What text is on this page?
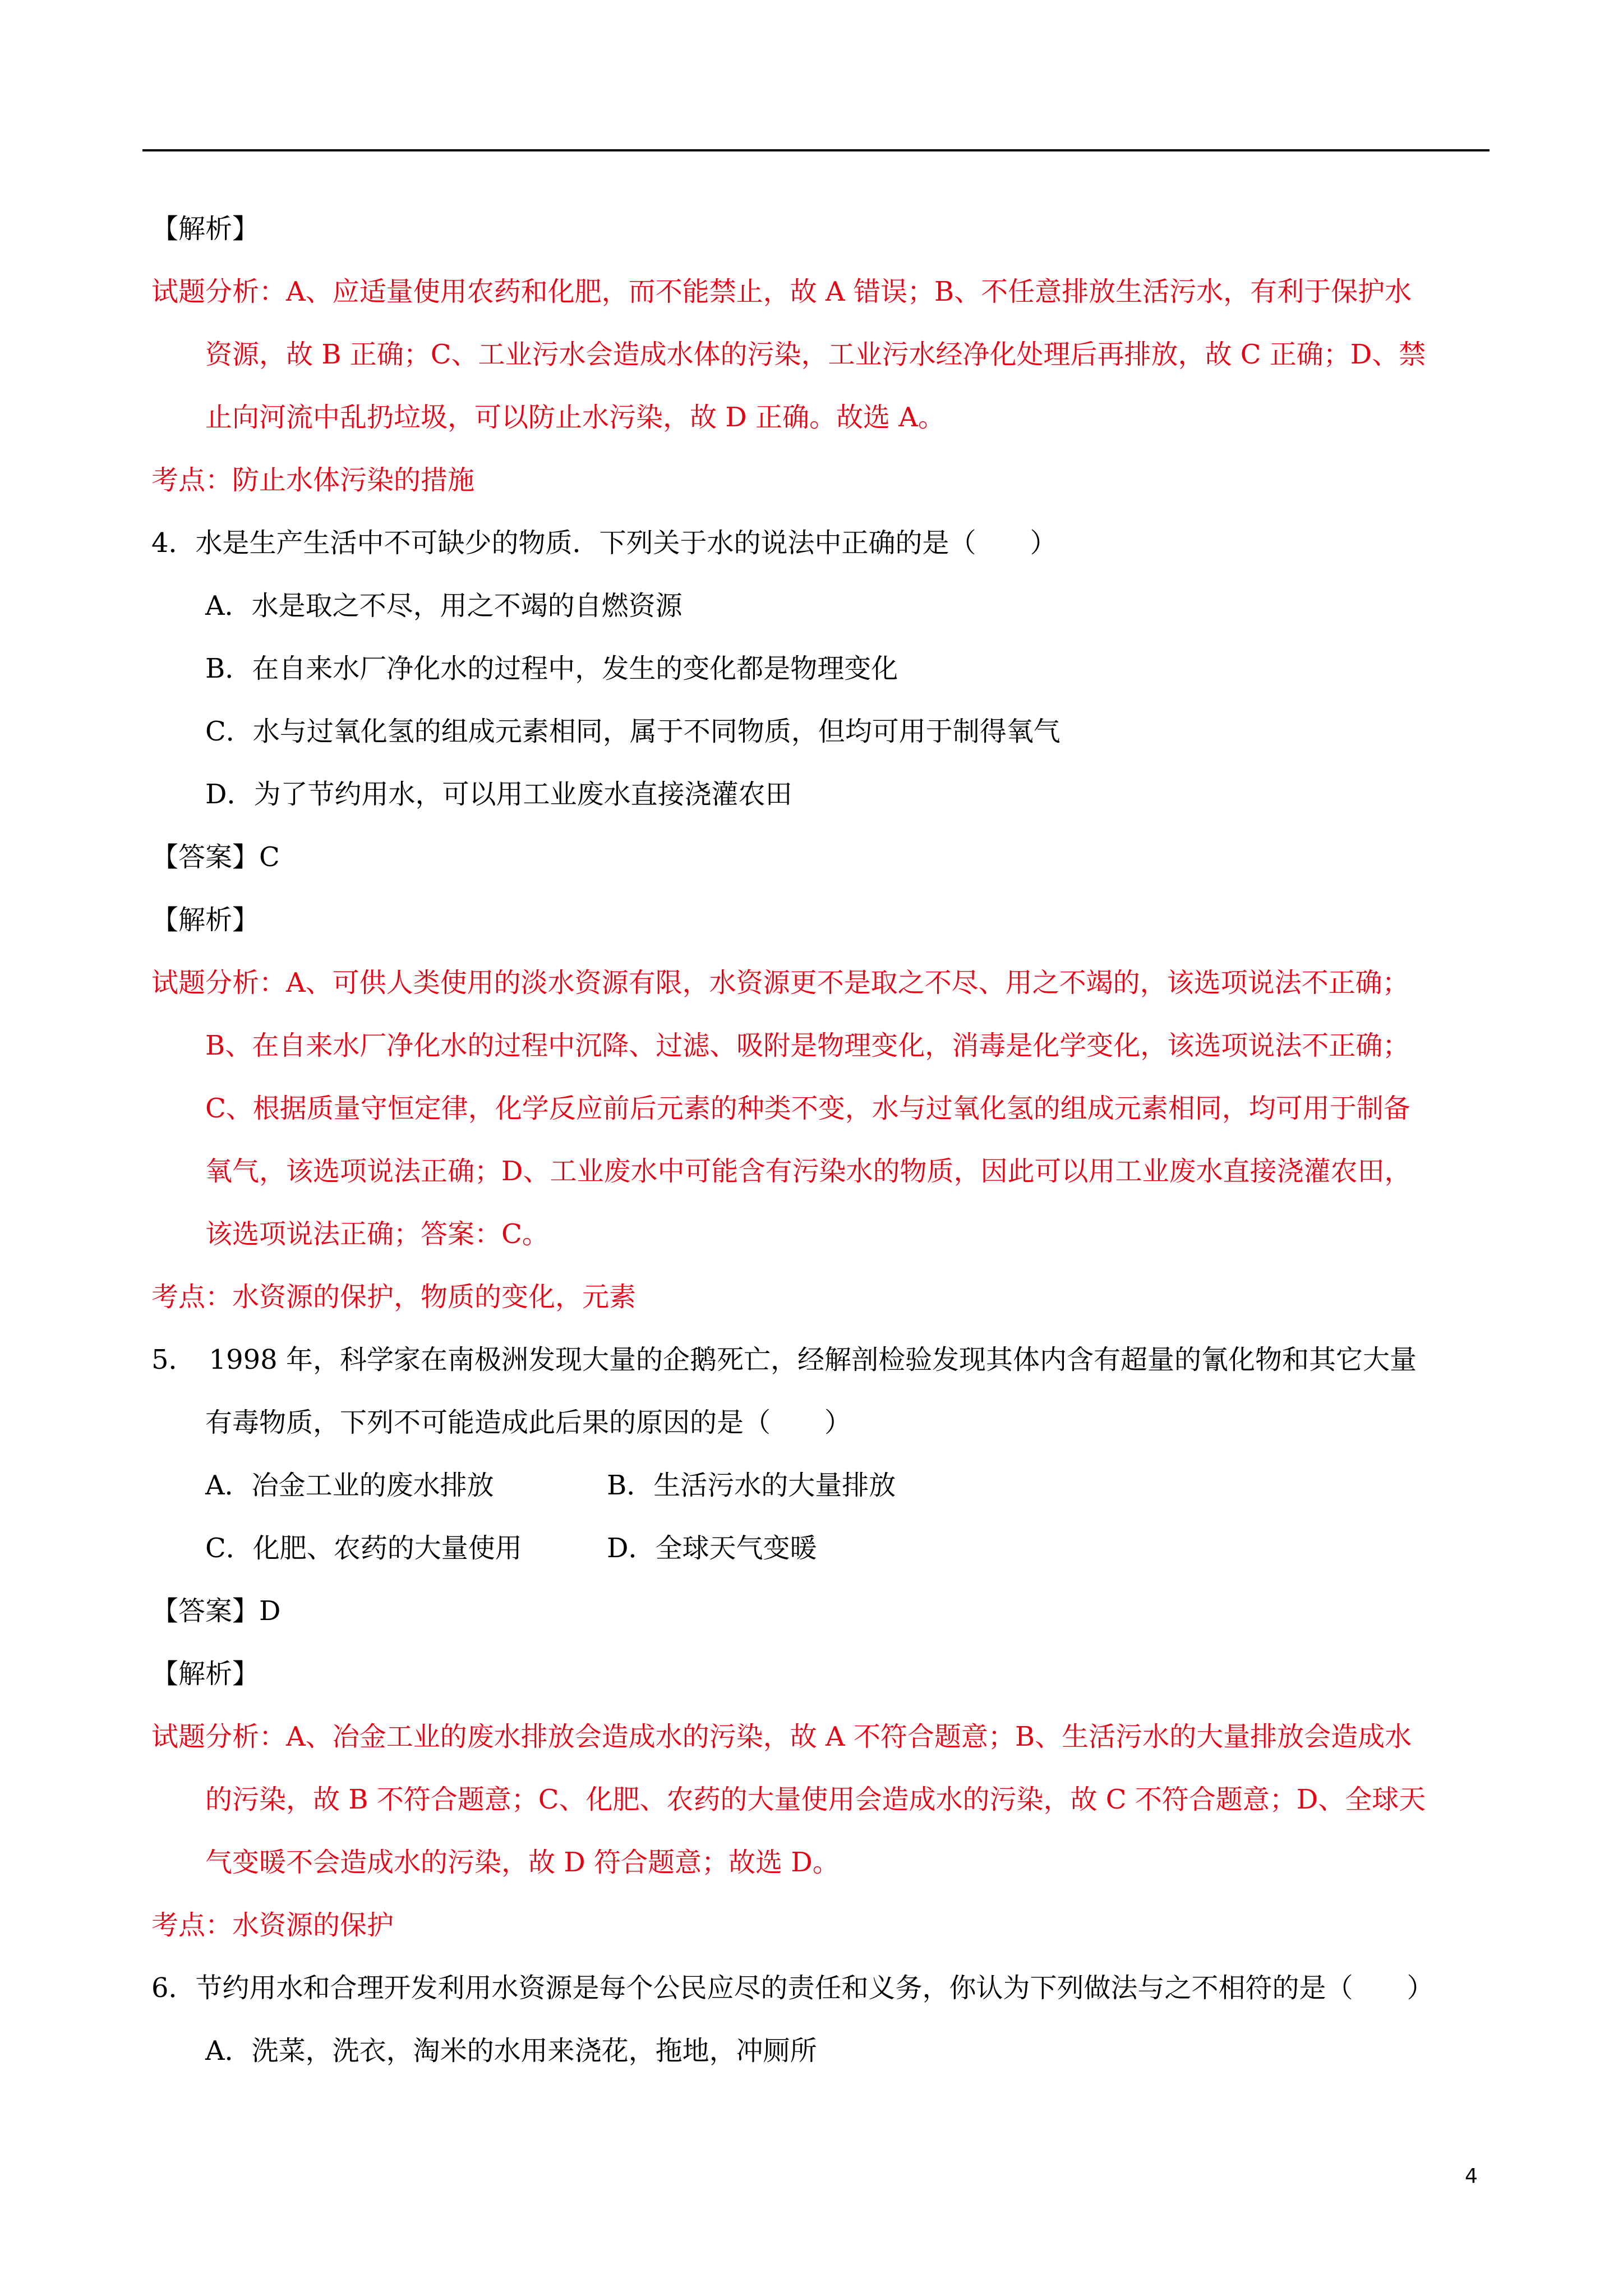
【解析】
试题分析：A、应适量使用农药和化肥，而不能禁止，故 A 错误；B、不任意排放生活污水，有利于保护水
资源，故 B 正确；C、工业污水会造成水体的污染，工业污水经净化处理后再排放，故 C 正确；D、禁
止向河流中乱扔垃圾，可以防止水污染，故 D 正确。故选 A。
考点：防止水体污染的措施
4．水是生产生活中不可缺少的物质．下列关于水的说法中正确的是（　　）
A．水是取之不尽，用之不竭的自燃资源
B．在自来水厂净化水的过程中，发生的变化都是物理变化
C．水与过氧化氢的组成元素相同，属于不同物质，但均可用于制得氧气
D．为了节约用水，可以用工业废水直接浇灌农田
【答案】C
【解析】
试题分析：A、可供人类使用的淡水资源有限，水资源更不是取之不尽、用之不竭的，该选项说法不正确；
B、在自来水厂净化水的过程中沉降、过滤、吸附是物理变化，消毒是化学变化，该选项说法不正确；
C、根据质量守恒定律，化学反应前后元素的种类不变，水与过氧化氢的组成元素相同，均可用于制备
氧气，该选项说法正确；D、工业废水中可能含有污染水的物质，因此可以用工业废水直接浇灌农田，
该选项说法正确；答案：C。
考点：水资源的保护，物质的变化，元素
5．　1998 年，科学家在南极洲发现大量的企鹅死亡，经解剖检验发现其体内含有超量的氰化物和其它大量
有毒物质，下列不可能造成此后果的原因的是（　　）
A．冶金工业的废水排放	B．生活污水的大量排放
C．化肥、农药的大量使用	D．全球天气变暖
【答案】D
【解析】
试题分析：A、冶金工业的废水排放会造成水的污染，故 A 不符合题意；B、生活污水的大量排放会造成水
的污染，故 B 不符合题意；C、化肥、农药的大量使用会造成水的污染，故 C 不符合题意；D、全球天
气变暖不会造成水的污染，故 D 符合题意；故选 D。
考点：水资源的保护
6．节约用水和合理开发利用水资源是每个公民应尽的责任和义务，你认为下列做法与之不相符的是（　　）
A．洗菜，洗衣，淘米的水用来浇花，拖地，冲厕所
4
